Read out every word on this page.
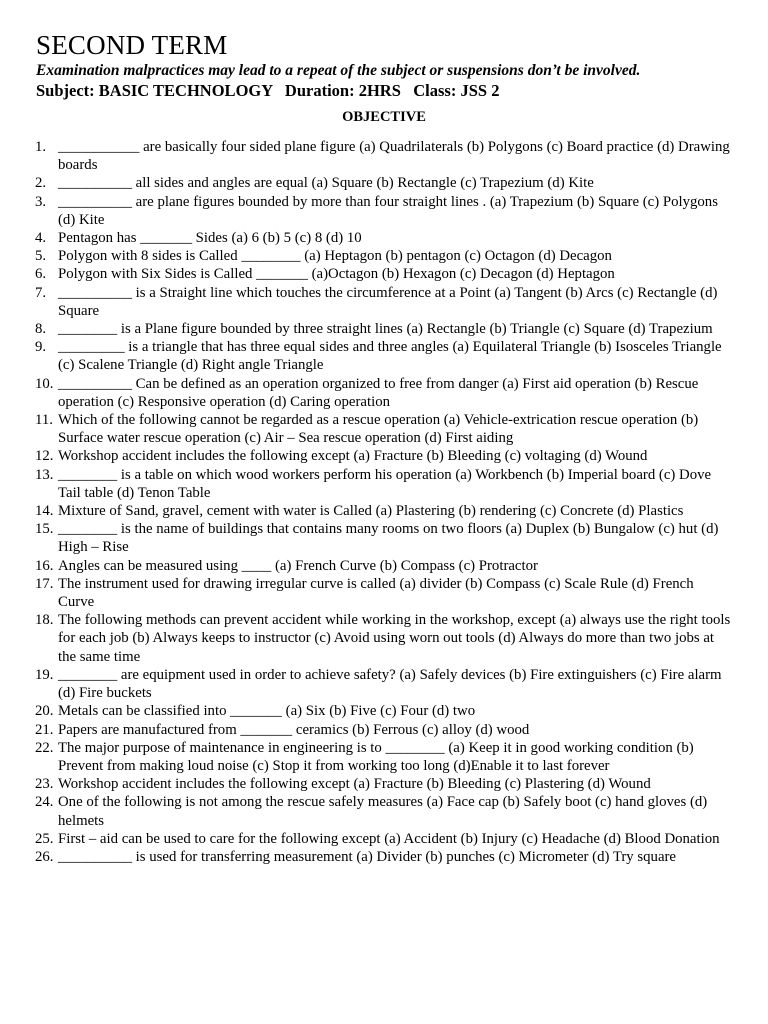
SECOND TERM

Examination malpractices may lead to a repeat of the subject or suspensions don’t be involved.

Subject: BASIC TECHNOLOGY   Duration: 2HRS   Class: JSS 2

OBJECTIVE
1. ___________ are basically four sided plane figure (a) Quadrilaterals (b) Polygons (c) Board practice (d) Drawing boards
2. __________ all sides and angles are equal (a) Square (b) Rectangle (c) Trapezium (d) Kite
3. __________ are plane figures bounded by more than four straight lines . (a) Trapezium (b) Square (c) Polygons (d) Kite
4. Pentagon has _______ Sides (a) 6 (b) 5 (c) 8 (d) 10
5. Polygon with 8 sides is Called ________ (a) Heptagon (b) pentagon (c) Octagon (d) Decagon
6. Polygon with Six Sides is Called _______ (a)Octagon (b) Hexagon (c) Decagon (d) Heptagon
7. __________ is a Straight line which touches the circumference at a Point (a) Tangent (b) Arcs (c) Rectangle (d) Square
8. ________ is a Plane figure bounded by three straight lines (a) Rectangle (b) Triangle (c) Square (d) Trapezium
9. _________ is a triangle that has three equal sides and three angles (a) Equilateral Triangle (b) Isosceles Triangle (c) Scalene Triangle (d) Right angle Triangle
10. __________ Can be defined as an operation organized to free from danger (a) First aid operation (b) Rescue operation (c) Responsive operation (d) Caring operation
11. Which of the following cannot be regarded as a rescue operation (a) Vehicle-extrication rescue operation (b) Surface water rescue operation (c) Air – Sea rescue operation (d) First aiding
12. Workshop accident includes the following except (a) Fracture (b) Bleeding (c) voltaging (d) Wound
13. ________ is a table on which wood workers perform his operation (a) Workbench (b) Imperial board (c) Dove Tail table (d) Tenon Table
14. Mixture of Sand, gravel, cement with water is Called (a) Plastering (b) rendering (c) Concrete (d) Plastics
15. ________ is the name of buildings that contains many rooms on two floors (a) Duplex (b) Bungalow (c) hut (d) High – Rise
16. Angles can be measured using ____ (a) French Curve (b) Compass (c) Protractor
17. The instrument used for drawing irregular curve is called (a) divider (b) Compass (c) Scale Rule (d) French Curve
18. The following methods can prevent accident while working in the workshop, except (a) always use the right tools for each job (b) Always keeps to instructor (c) Avoid using worn out tools (d) Always do more than two jobs at the same time
19. ________ are equipment used in order to achieve safety? (a) Safely devices (b) Fire extinguishers (c) Fire alarm (d) Fire buckets
20. Metals can be classified into _______ (a) Six (b) Five (c) Four (d) two
21. Papers are manufactured from _______ ceramics (b) Ferrous (c) alloy (d) wood
22. The major purpose of maintenance in engineering is to ________ (a) Keep it in good working condition (b) Prevent from making loud noise (c) Stop it from working too long (d)Enable it to last forever
23. Workshop accident includes the following except (a) Fracture (b) Bleeding (c) Plastering (d) Wound
24. One of the following is not among the rescue safely measures (a) Face cap (b) Safely boot (c) hand gloves (d) helmets
25. First – aid can be used to care for the following except (a) Accident (b) Injury (c) Headache (d) Blood Donation
26. __________ is used for transferring measurement (a) Divider (b) punches (c) Micrometer (d) Try square
